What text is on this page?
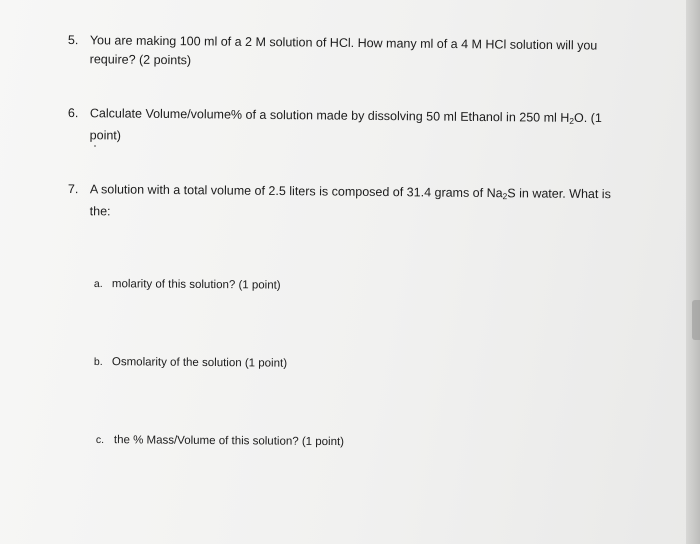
5. You are making 100 ml of a 2 M solution of HCl. How many ml of a 4 M HCl solution will you
require? (2 points)
6. Calculate Volume/volume% of a solution made by dissolving 50 ml Ethanol in 250 ml $H_2O$. (1
point)
7. A solution with a total volume of 2.5 liters is composed of 31.4 grams of $Na_2S$ in water. What is
the:
a. molarity of this solution? (1 point)
b. Osmolarity of the solution (1 point)
c. the % Mass/Volume of this solution? (1 point)
